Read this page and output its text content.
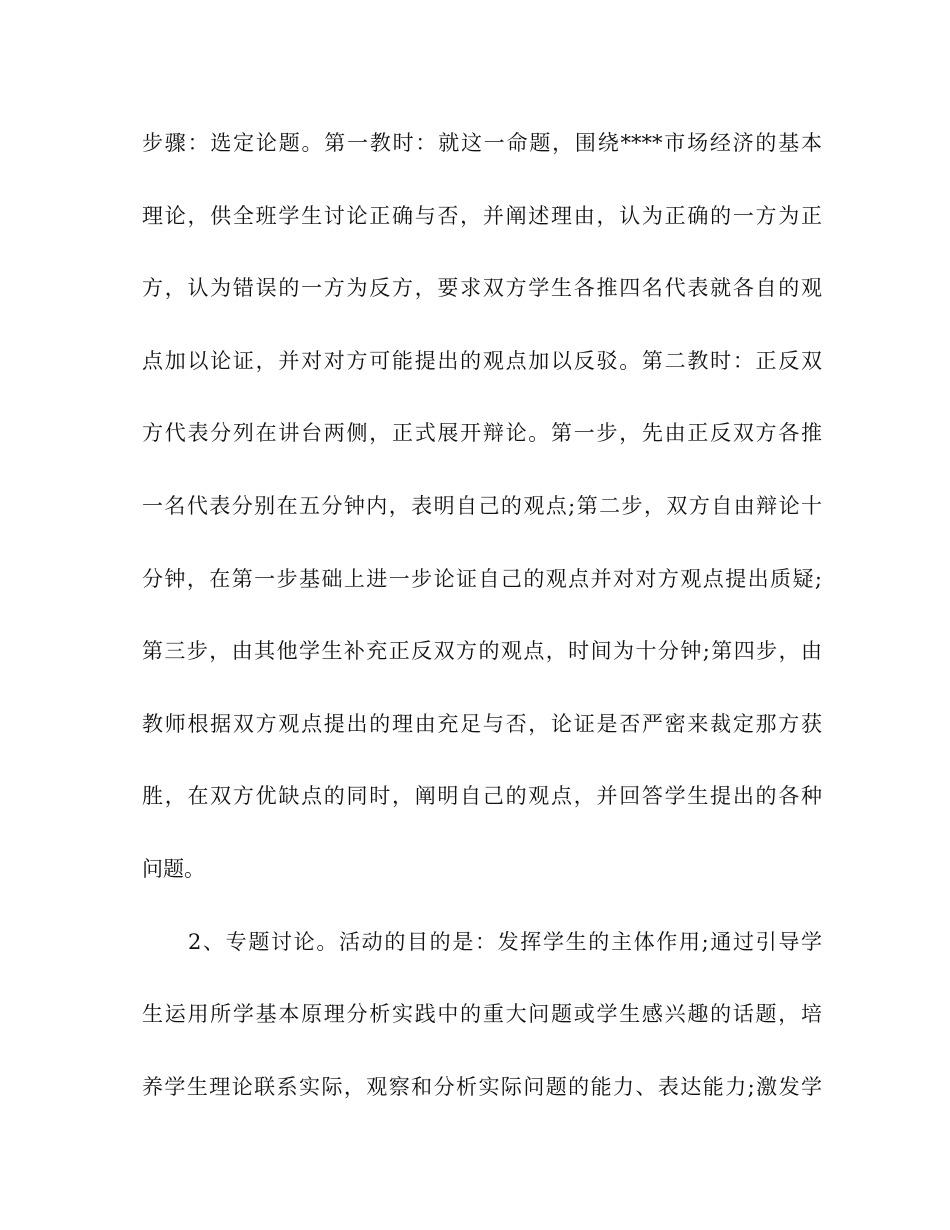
步骤：选定论题。第一教时：就这一命题，围绕****市场经济的基本
理论，供全班学生讨论正确与否，并阐述理由，认为正确的一方为正
方，认为错误的一方为反方，要求双方学生各推四名代表就各自的观
点加以论证，并对对方可能提出的观点加以反驳。第二教时：正反双
方代表分列在讲台两侧，正式展开辩论。第一步，先由正反双方各推
一名代表分别在五分钟内，表明自己的观点;第二步，双方自由辩论十
分钟，在第一步基础上进一步论证自己的观点并对对方观点提出质疑;
第三步，由其他学生补充正反双方的观点，时间为十分钟;第四步，由
教师根据双方观点提出的理由充足与否，论证是否严密来裁定那方获
胜，在双方优缺点的同时，阐明自己的观点，并回答学生提出的各种
问题。
2、专题讨论。活动的目的是：发挥学生的主体作用;通过引导学
生运用所学基本原理分析实践中的重大问题或学生感兴趣的话题，培
养学生理论联系实际，观察和分析实际问题的能力、表达能力;激发学
